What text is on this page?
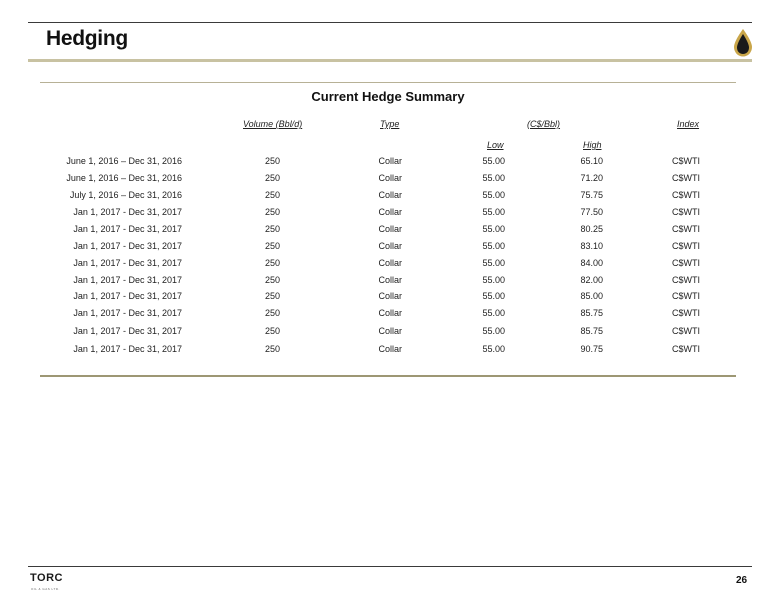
Hedging
Current Hedge Summary
Volume (Bbl/d)	Type	(C$/Bbl)	Index
Low	High
June 1, 2016 – Dec 31, 2016	250	Collar	55.00	65.10	C$WTI
June 1, 2016 – Dec 31, 2016	250	Collar	55.00	71.20	C$WTI
July 1, 2016 – Dec 31, 2016	250	Collar	55.00	75.75	C$WTI
Jan 1, 2017 - Dec 31, 2017	250	Collar	55.00	77.50	C$WTI
Jan 1, 2017 - Dec 31, 2017	250	Collar	55.00	80.25	C$WTI
Jan 1, 2017 - Dec 31, 2017	250	Collar	55.00	83.10	C$WTI
Jan 1, 2017 - Dec 31, 2017	250	Collar	55.00	84.00	C$WTI
Jan 1, 2017 - Dec 31, 2017	250	Collar	55.00	82.00	C$WTI
Jan 1, 2017 - Dec 31, 2017	250	Collar	55.00	85.00	C$WTI
Jan 1, 2017 - Dec 31, 2017	250	Collar	55.00	85.75	C$WTI
Jan 1, 2017 - Dec 31, 2017	250	Collar	55.00	85.75	C$WTI
Jan 1, 2017 - Dec 31, 2017	250	Collar	55.00	90.75	C$WTI
TORC
OIL & GAS LTD.
26
